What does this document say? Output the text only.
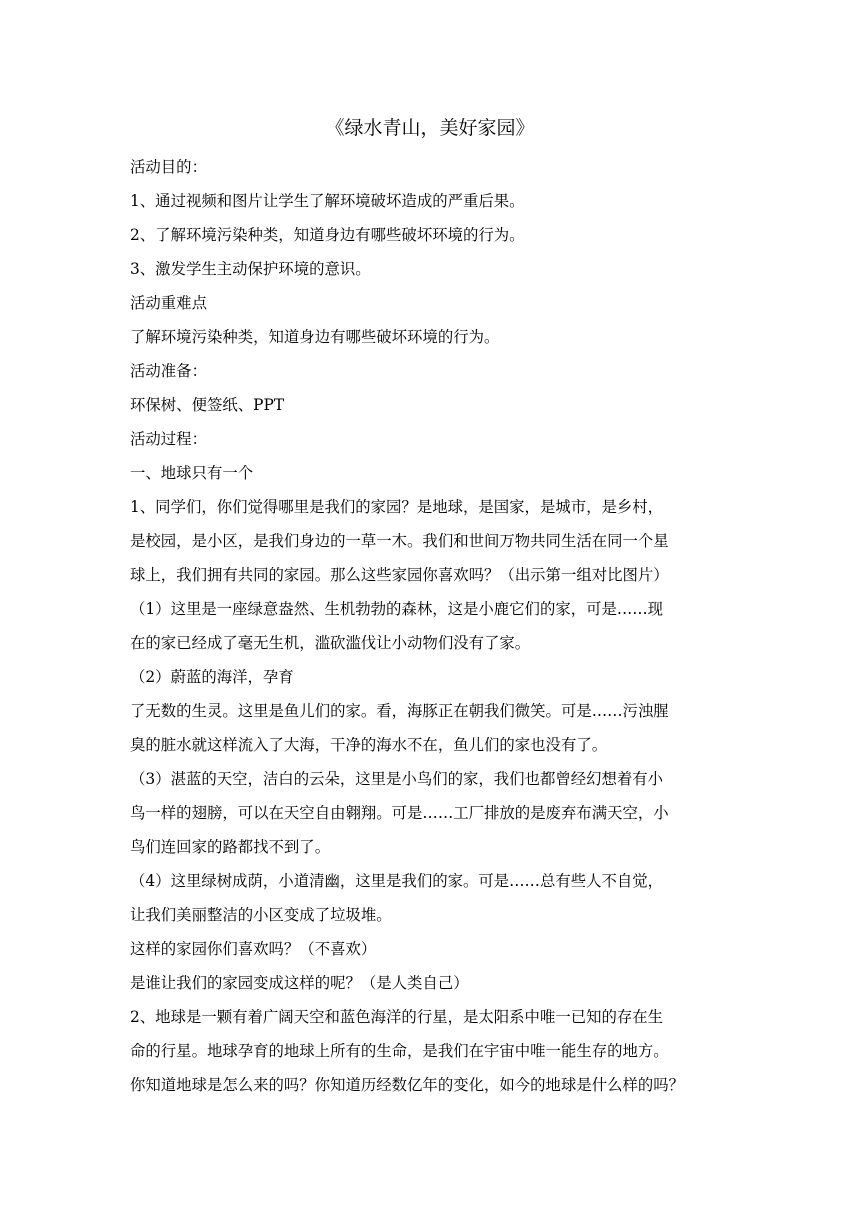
《绿水青山，美好家园》
活动目的：
1、通过视频和图片让学生了解环境破坏造成的严重后果。
2、了解环境污染种类，知道身边有哪些破坏环境的行为。
3、激发学生主动保护环境的意识。
活动重难点
了解环境污染种类，知道身边有哪些破坏环境的行为。
活动准备：
环保树、便签纸、PPT
活动过程：
一、地球只有一个
1、同学们，你们觉得哪里是我们的家园？是地球，是国家，是城市，是乡村，
是校园，是小区，是我们身边的一草一木。我们和世间万物共同生活在同一个星
球上，我们拥有共同的家园。那么这些家园你喜欢吗？（出示第一组对比图片）
（1）这里是一座绿意盎然、生机勃勃的森林，这是小鹿它们的家，可是……现
在的家已经成了毫无生机，滥砍滥伐让小动物们没有了家。
（2）蔚蓝的海洋，孕育
了无数的生灵。这里是鱼儿们的家。看，海豚正在朝我们微笑。可是……污浊腥
臭的脏水就这样流入了大海，干净的海水不在，鱼儿们的家也没有了。
（3）湛蓝的天空，洁白的云朵，这里是小鸟们的家，我们也都曾经幻想着有小
鸟一样的翅膀，可以在天空自由翱翔。可是……工厂排放的是废弃布满天空，小
鸟们连回家的路都找不到了。
（4）这里绿树成荫，小道清幽，这里是我们的家。可是……总有些人不自觉，
让我们美丽整洁的小区变成了垃圾堆。
这样的家园你们喜欢吗？（不喜欢）
是谁让我们的家园变成这样的呢？（是人类自己）
2、地球是一颗有着广阔天空和蓝色海洋的行星，是太阳系中唯一已知的存在生
命的行星。地球孕育的地球上所有的生命，是我们在宇宙中唯一能生存的地方。
你知道地球是怎么来的吗？你知道历经数亿年的变化，如今的地球是什么样的吗？
